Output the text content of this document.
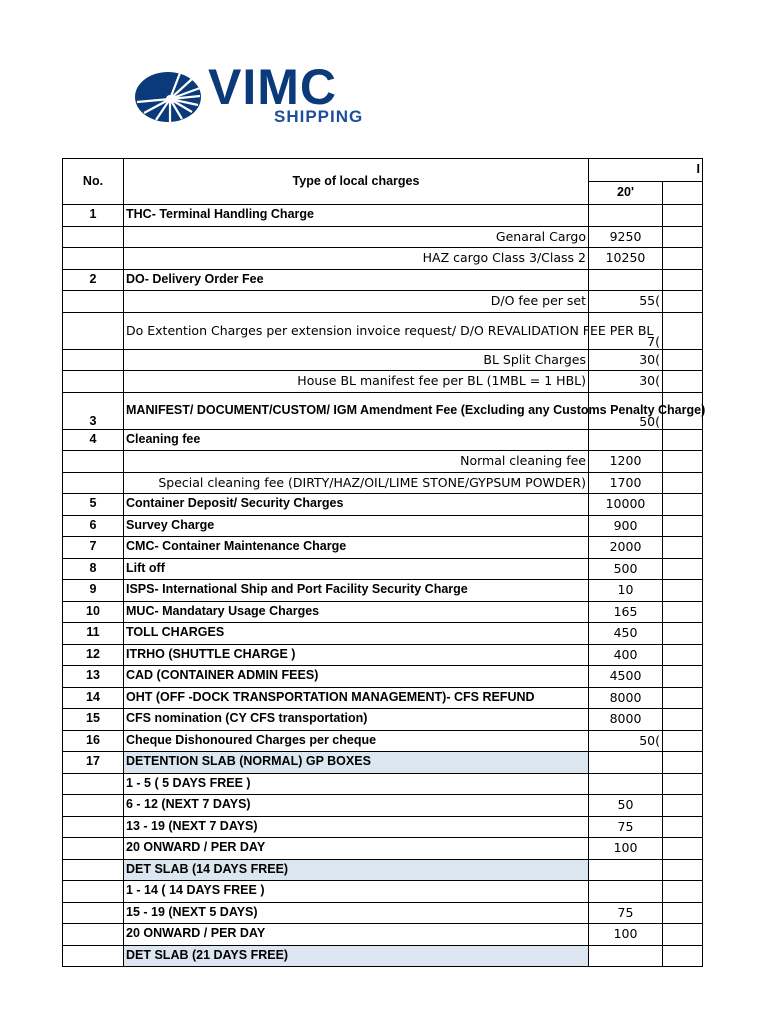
VIMC
SHIPPING
No.	Type of local charges	I	
		20'	
1	THC- Terminal Handling Charge		
	Genaral Cargo	9250	
	HAZ cargo Class 3/Class 2	10250	
2	DO- Delivery Order Fee		
	D/O fee per set	55(	
	Do Extention Charges per extension invoice request/ D/O REVALIDATION FEE PER BL	7(	
	BL Split Charges	30(	
	House BL manifest fee per BL (1MBL = 1 HBL)	30(	
3	MANIFEST/ DOCUMENT/CUSTOM/ IGM Amendment Fee (Excluding any Customs Penalty Charge)	50(	
4	Cleaning fee		
	Normal cleaning fee	1200	
	Special cleaning fee (DIRTY/HAZ/OIL/LIME STONE/GYPSUM POWDER)	1700	
5	Container Deposit/ Security Charges	10000	
6	Survey Charge	900	
7	CMC- Container Maintenance Charge	2000	
8	Lift off	500	
9	ISPS- International Ship and Port Facility Security Charge	10	
10	MUC- Mandatary Usage Charges	165	
11	TOLL CHARGES	450	
12	ITRHO (SHUTTLE CHARGE )	400	
13	CAD (CONTAINER ADMIN FEES)	4500	
14	OHT (OFF -DOCK TRANSPORTATION MANAGEMENT)- CFS REFUND	8000	
15	CFS nomination (CY CFS transportation)	8000	
16	Cheque Dishonoured Charges per cheque	50(	
17	DETENTION SLAB (NORMAL) GP BOXES		
	1 - 5 ( 5 DAYS FREE )		
	6 - 12 (NEXT 7 DAYS)	50	
	13 - 19 (NEXT 7 DAYS)	75	
	20 ONWARD / PER DAY	100	
	DET SLAB (14 DAYS FREE)		
	1 - 14 ( 14 DAYS FREE )		
	15 - 19 (NEXT 5 DAYS)	75	
	20 ONWARD / PER DAY	100	
	DET SLAB (21 DAYS FREE)		
